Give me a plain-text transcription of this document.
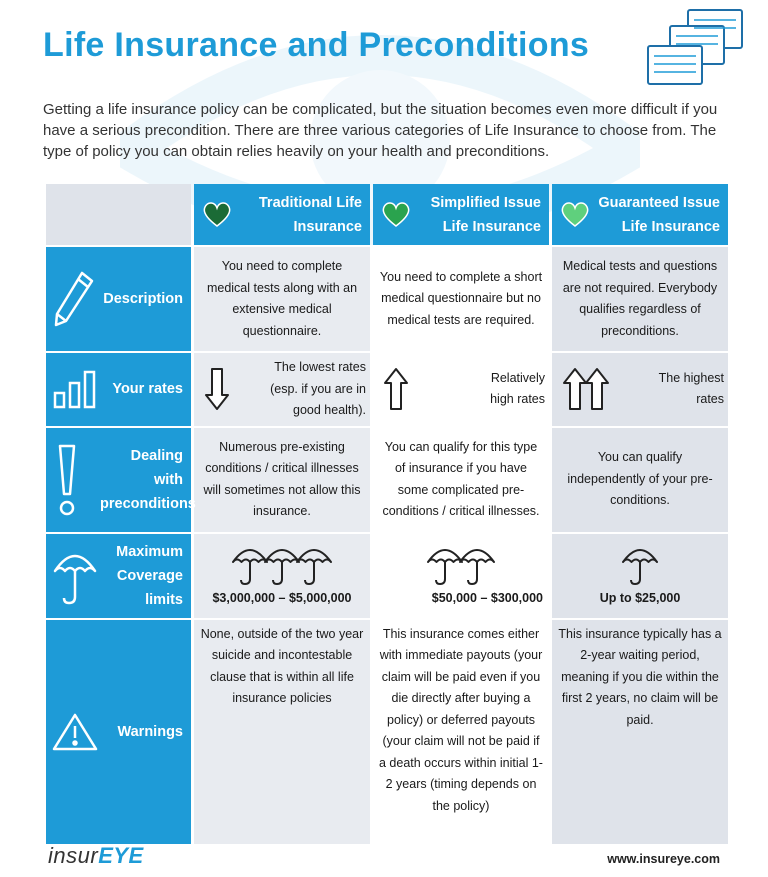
Life Insurance and Preconditions

Getting a life insurance policy can be complicated, but the situation becomes even more difficult if you have a serious precondition. There are three various categories of Life Insurance to choose from. The type of policy you can obtain relies heavily on your health and preconditions.

	Traditional Life Insurance	Simplified Issue Life Insurance	Guaranteed Issue Life Insurance

Description	You need to complete medical tests along with an extensive medical questionnaire.	You need to complete a short medical questionnaire but no medical tests are required.	Medical tests and questions are not required. Everybody qualifies regardless of preconditions.

Your rates	The lowest rates (esp. if you are in good health).	Relatively high rates	The highest rates

Dealing with preconditions	Numerous pre-existing conditions / critical illnesses will sometimes not allow this insurance.	You can qualify for this type of insurance if you have some complicated pre-conditions / critical illnesses.	You can qualify independently of your pre-conditions.

Maximum Coverage limits	$3,000,000 – $5,000,000	$50,000 – $300,000	Up to $25,000

Warnings	None, outside of the two year suicide and incontestable clause that is within all life insurance policies	This insurance comes either with immediate payouts (your claim will be paid even if you die directly after buying a policy) or deferred payouts (your claim will not be paid if a death occurs within initial 1-2 years (timing depends on the policy)	This insurance typically has a 2-year waiting period, meaning if you die within the first 2 years, no claim will be paid.
insurEYE	www.insureye.com
